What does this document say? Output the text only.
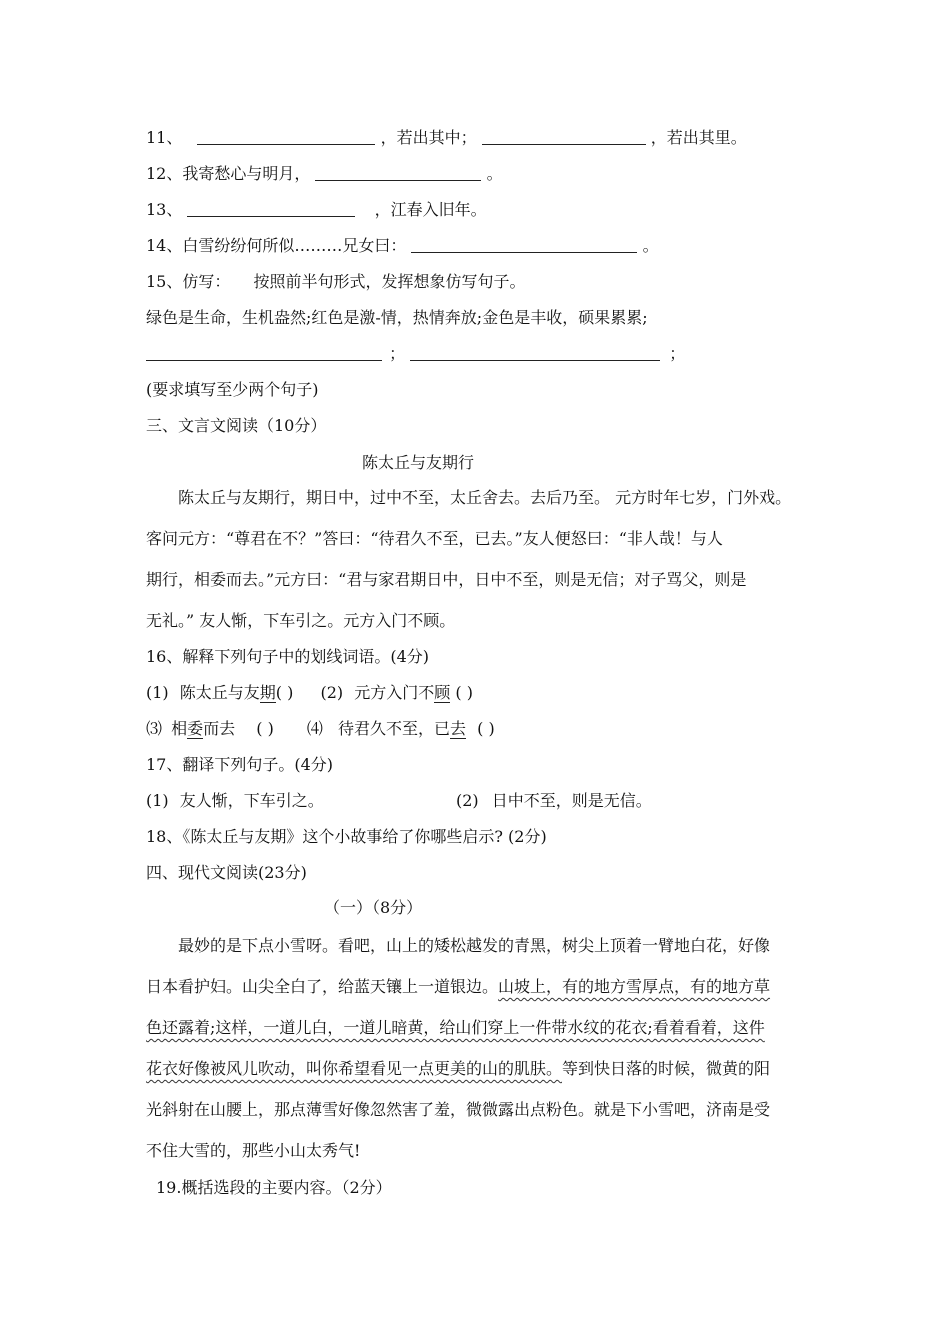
11、	，若出其中；	，若出其里。
12、我寄愁心与明月，	。
13、	，江春入旧年。
14、白雪纷纷何所似………兄女曰：	。
15、仿写： 按照前半句形式，发挥想象仿写句子。
绿色是生命，生机盎然;红色是激-情，热情奔放;金色是丰收，硕果累累;
；	；
(要求填写至少两个句子)
三、文言文阅读（10分）
陈太丘与友期行
陈太丘与友期行，期日中，过中不至，太丘舍去。去后乃至。 元方时年七岁，门外戏。
客问元方：“尊君在不？”答曰：“待君久不至，已去。”友人便怒曰：“非人哉！与人
期行，相委而去。”元方曰：“君与家君期日中，日中不至，则是无信；对子骂父，则是
无礼。” 友人惭，下车引之。元方入门不顾。
16、解释下列句子中的划线词语。(4分)
(1) 陈太丘与友期( ) (2) 元方入门不顾 ( )
⑶ 相委而去 ( ) ⑷ 待君久不至，已去 ( )
17、翻译下列句子。(4分)
(1) 友人惭，下车引之。	(2) 日中不至，则是无信。
18、《陈太丘与友期》这个小故事给了你哪些启示? (2分)
四、现代文阅读(23分)
（一）（8分）
最妙的是下点小雪呀。看吧，山上的矮松越发的青黑，树尖上顶着一臂地白花，好像
日本看护妇。山尖全白了，给蓝天镶上一道银边。山坡上，有的地方雪厚点，有的地方草
色还露着;这样，一道儿白，一道儿暗黄，给山们穿上一件带水纹的花衣;看着看着，这件
花衣好像被风儿吹动，叫你希望看见一点更美的山的肌肤。等到快日落的时候，微黄的阳
光斜射在山腰上，那点薄雪好像忽然害了羞，微微露出点粉色。就是下小雪吧，济南是受
不住大雪的，那些小山太秀气!
19.概括选段的主要内容。（2分）
